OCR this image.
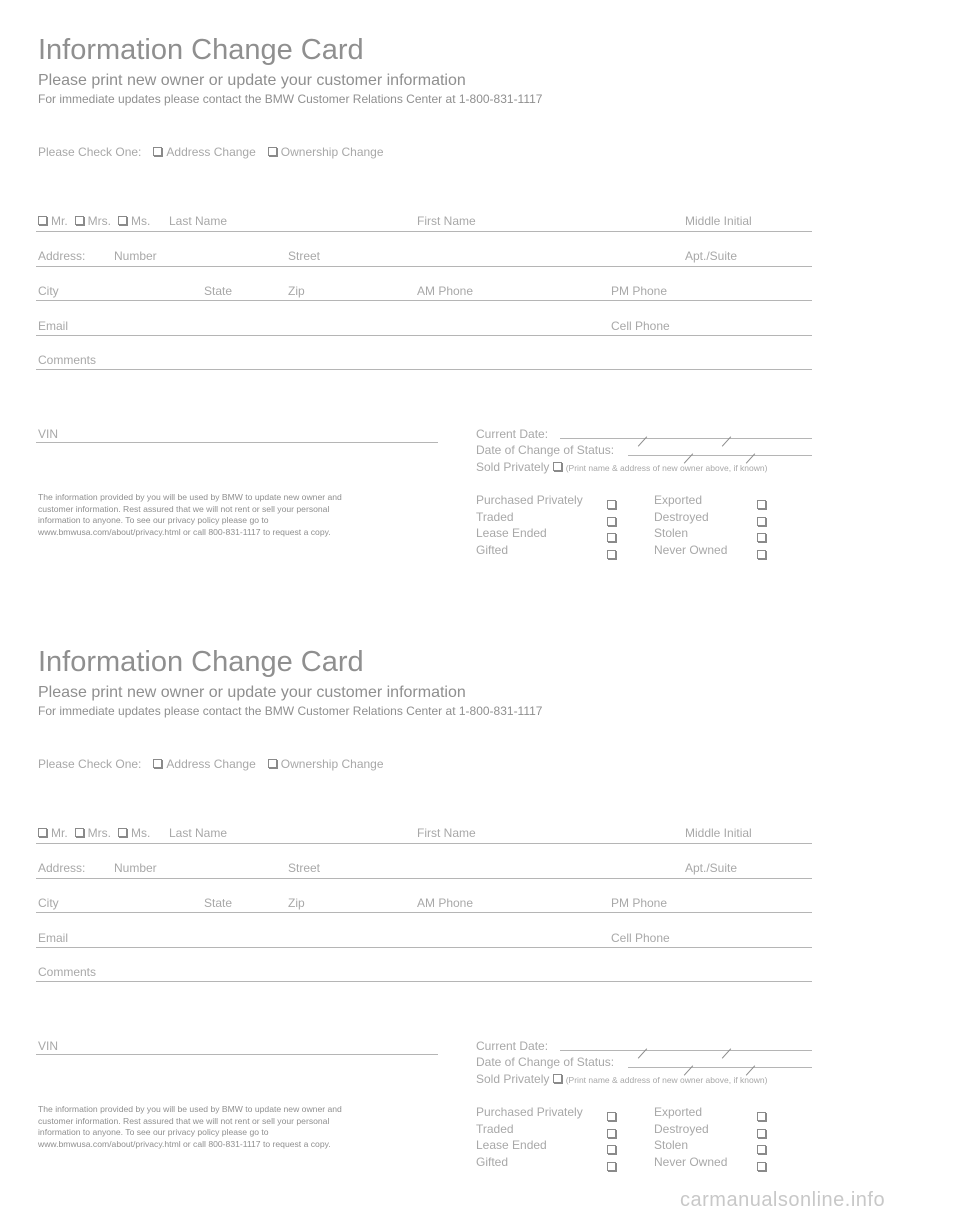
Information Change Card
Please print new owner or update your customer information
For immediate updates please contact the BMW Customer Relations Center at 1-800-831-1117
Please Check One: Address Change Ownership Change
Mr. Mrs. Ms. Last Name	First Name	Middle Initial
Address: Number	Street	Apt./Suite
City	State	Zip	AM Phone	PM Phone
Email	Cell Phone
Comments
VIN	Current Date:
Date of Change of Status:
Sold Privately (Print name & address of new owner above, if known)
The information provided by you will be used by BMW to update new owner and customer information. Rest assured that we will not rent or sell your personal information to anyone. To see our privacy policy please go to www.bmwusa.com/about/privacy.html or call 800-831-1117 to request a copy.
Purchased Privately	Exported
Traded	Destroyed
Lease Ended	Stolen
Gifted	Never Owned
Information Change Card
Please print new owner or update your customer information
For immediate updates please contact the BMW Customer Relations Center at 1-800-831-1117
Please Check One: Address Change Ownership Change
Mr. Mrs. Ms. Last Name	First Name	Middle Initial
Address: Number	Street	Apt./Suite
City	State	Zip	AM Phone	PM Phone
Email	Cell Phone
Comments
VIN	Current Date:
Date of Change of Status:
Sold Privately (Print name & address of new owner above, if known)
The information provided by you will be used by BMW to update new owner and customer information. Rest assured that we will not rent or sell your personal information to anyone. To see our privacy policy please go to www.bmwusa.com/about/privacy.html or call 800-831-1117 to request a copy.
Purchased Privately	Exported
Traded	Destroyed
Lease Ended	Stolen
Gifted	Never Owned
carmanualsonline.info
